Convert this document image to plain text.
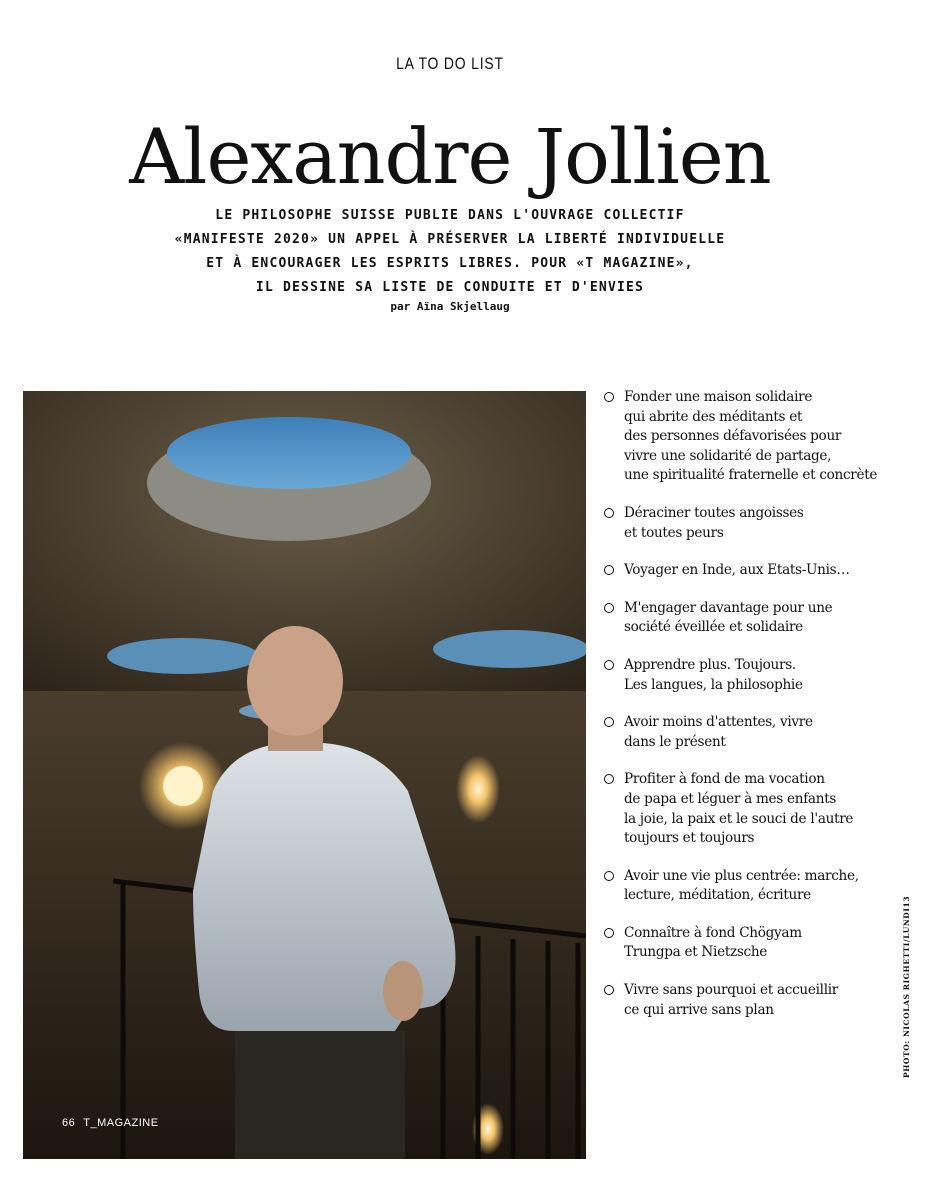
LA TO DO LIST
Alexandre Jollien
LE PHILOSOPHE SUISSE PUBLIE DANS L'OUVRAGE COLLECTIF
«MANIFESTE 2020» UN APPEL À PRÉSERVER LA LIBERTÉ INDIVIDUELLE
ET À ENCOURAGER LES ESPRITS LIBRES. POUR «T MAGAZINE»,
IL DESSINE SA LISTE DE CONDUITE ET D'ENVIES
par Aïna Skjellaug
66 T_MAGAZINE
Fonder une maison solidaire
qui abrite des méditants et
des personnes défavorisées pour
vivre une solidarité de partage,
une spiritualité fraternelle et concrète
Déraciner toutes angoisses
et toutes peurs
Voyager en Inde, aux Etats-Unis…
M'engager davantage pour une
société éveillée et solidaire
Apprendre plus. Toujours.
Les langues, la philosophie
Avoir moins d'attentes, vivre
dans le présent
Profiter à fond de ma vocation
de papa et léguer à mes enfants
la joie, la paix et le souci de l'autre
toujours et toujours
Avoir une vie plus centrée: marche,
lecture, méditation, écriture
Connaître à fond Chögyam
Trungpa et Nietzsche
Vivre sans pourquoi et accueillir
ce qui arrive sans plan	PHOTO: NICOLAS RIGHETTI/LUNDI13
